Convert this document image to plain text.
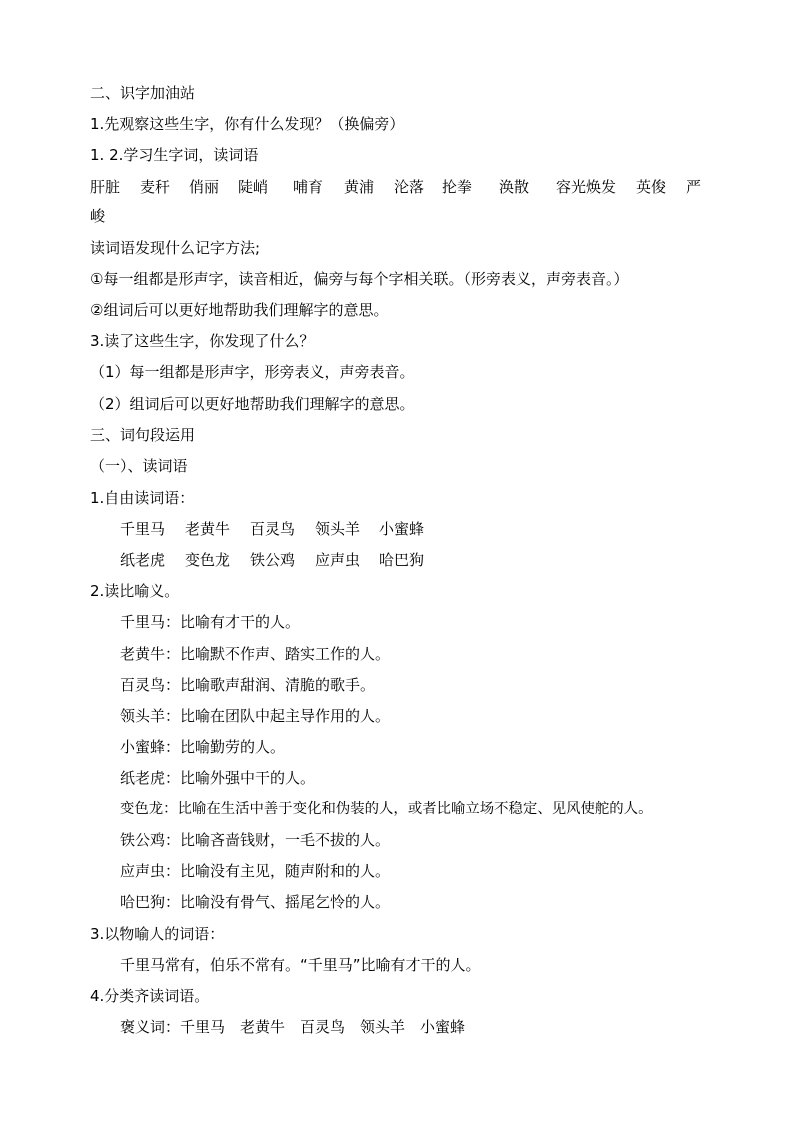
二、识字加油站
1.先观察这些生字，你有什么发现？（换偏旁）
1. 2.学习生字词，读词语
肝脏 麦秆 俏丽 陡峭 哺育 黄浦 沦落 抡拳 涣散 容光焕发 英俊 严
峻
读词语发现什么记字方法;
①每一组都是形声字，读音相近，偏旁与每个字相关联。（形旁表义，声旁表音。）
②组词后可以更好地帮助我们理解字的意思。
3.读了这些生字，你发现了什么？
（1）每一组都是形声字，形旁表义，声旁表音。
（2）组词后可以更好地帮助我们理解字的意思。
三、词句段运用
（一）、读词语
1.自由读词语：
千里马 老黄牛 百灵鸟 领头羊 小蜜蜂
纸老虎 变色龙 铁公鸡 应声虫 哈巴狗
2.读比喻义。
千里马：比喻有才干的人。
老黄牛：比喻默不作声、踏实工作的人。
百灵鸟：比喻歌声甜润、清脆的歌手。
领头羊：比喻在团队中起主导作用的人。
小蜜蜂：比喻勤劳的人。
纸老虎：比喻外强中干的人。
变色龙：比喻在生活中善于变化和伪装的人，或者比喻立场不稳定、见风使舵的人。
铁公鸡：比喻吝啬钱财，一毛不拔的人。
应声虫：比喻没有主见，随声附和的人。
哈巴狗：比喻没有骨气、摇尾乞怜的人。
3.以物喻人的词语：
千里马常有，伯乐不常有。“千里马”比喻有才干的人。
4.分类齐读词语。
褒义词：千里马　老黄牛　百灵鸟　领头羊　小蜜蜂
